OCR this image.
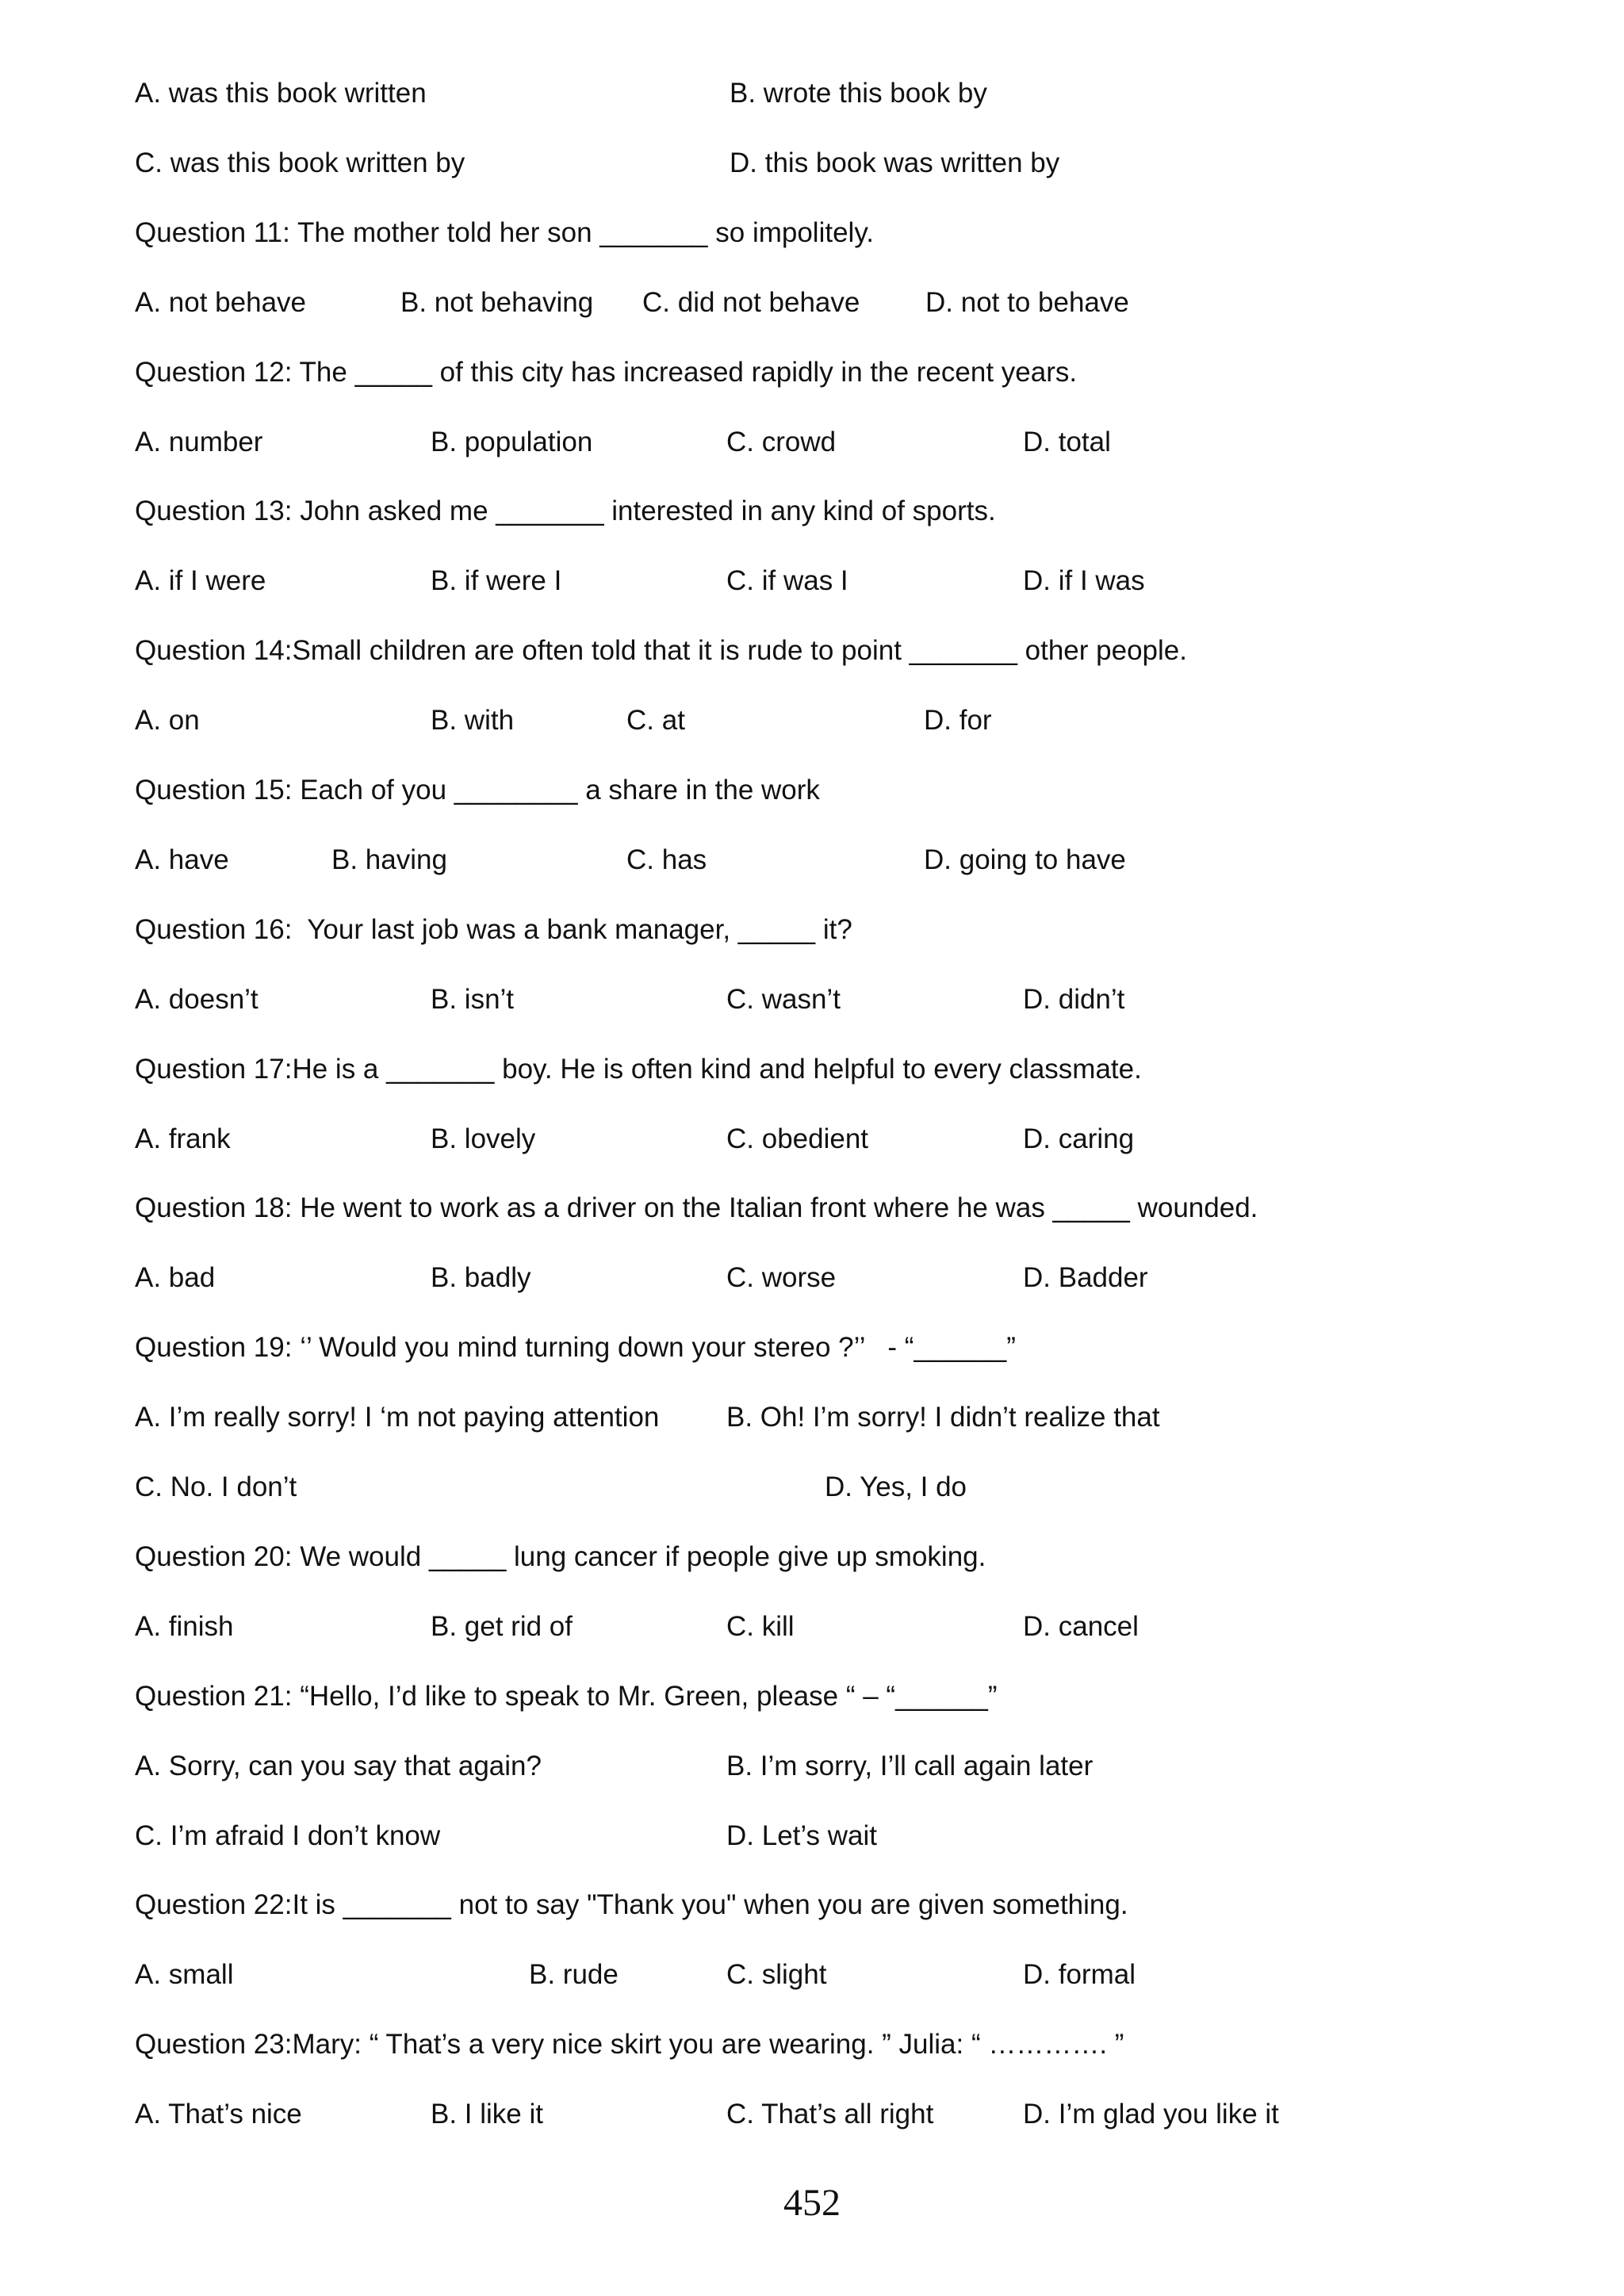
A. was this book written	B. wrote this book by
C. was this book written by	D. this book was written by
Question 11: The mother told her son _______ so impolitely.
A. not behave	B. not behaving C. did not behave D. not to behave
Question 12: The _____ of this city has increased rapidly in the recent years.
A. number	B. population	C. crowd	D. total
Question 13: John asked me _______ interested in any kind of sports.
A. if I were	B. if were I	C. if was I	D. if I was
Question 14:Small children are often told that it is rude to point _______ other people.
A. on	B. with	C. at	D. for
Question 15: Each of you ________ a share in the work
A. have	B. having	C. has	D. going to have
Question 16:  Your last job was a bank manager, _____ it?
A. doesn’t	B. isn’t	C. wasn’t	D. didn’t
Question 17:He is a _______ boy. He is often kind and helpful to every classmate.
A. frank	B. lovely	C. obedient	D. caring
Question 18: He went to work as a driver on the Italian front where he was _____ wounded.
A. bad	B. badly	C. worse	D. Badder
Question 19: ‘’ Would you mind turning down your stereo ?’’   - “______”
A. I’m really sorry! I ‘m not paying attention B. Oh! I’m sorry! I didn’t realize that
C. No. I don’t	D. Yes, I do
Question 20: We would _____ lung cancer if people give up smoking.
A. finish	B. get rid of	C. kill	D. cancel
Question 21: “Hello, I’d like to speak to Mr. Green, please “ – “______”
A. Sorry, can you say that again?	B. I’m sorry, I’ll call again later
C. I’m afraid I don’t know	D. Let’s wait
Question 22:It is _______ not to say "Thank you" when you are given something.
A. small	B. rude	C. slight	D. formal
Question 23:Mary: “ That’s a very nice skirt you are wearing. ” Julia: “ …………. ”
A. That’s nice	B. I like it	C. That’s all right	D. I’m glad you like it
452
